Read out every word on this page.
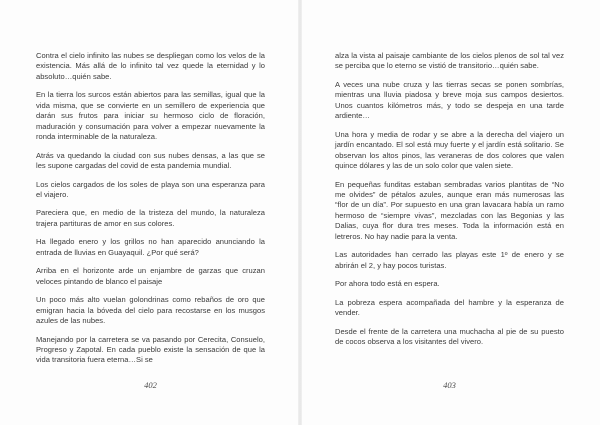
Contra el cielo infinito las nubes se despliegan como los velos de la existencia. Más allá de lo infinito tal vez quede la eternidad y lo absoluto…quién sabe.

En la tierra los surcos están abiertos para las semillas, igual que la vida misma, que se convierte en un semillero de experiencia que darán sus frutos para iniciar su hermoso ciclo de floración, maduración y consumación para volver a empezar nuevamente la ronda interminable de la naturaleza.

Atrás va quedando la ciudad con sus nubes densas, a las que se les supone cargadas del covid de esta pandemia mundial.

Los cielos cargados de los soles de playa son una esperanza para el viajero.

Pareciera que, en medio de la tristeza del mundo, la naturaleza trajera partituras de amor en sus colores.

Ha llegado enero y los grillos no han aparecido anunciando la entrada de lluvias en Guayaquil. ¿Por qué será?

Arriba en el horizonte arde un enjambre de garzas que cruzan veloces pintando de blanco el paisaje

Un poco más alto vuelan golondrinas como rebaños de oro que emigran hacia la bóveda del cielo para recostarse en los musgos azules de las nubes.

Manejando por la carretera se va pasando por Cerecita, Consuelo, Progreso y Zapotal. En cada pueblo existe la sensación de que la vida transitoria fuera eterna…Si se

402

alza la vista al paisaje cambiante de los cielos plenos de sol tal vez se perciba que lo eterno se vistió de transitorio…quién sabe.

A veces una nube cruza y las tierras secas se ponen sombrías, mientras una lluvia piadosa y breve moja sus campos desiertos. Unos cuantos kilómetros más, y todo se despeja en una tarde ardiente…

Una hora y media de rodar y se abre a la derecha del viajero un jardín encantado. El sol está muy fuerte y el jardín está solitario. Se observan los altos pinos, las veraneras de dos colores que valen quince dólares y las de un solo color que valen siete.

En pequeñas funditas estaban sembradas varios plantitas de “No me olvides” de pétalos azules, aunque eran más numerosas las “flor de un día”. Por supuesto en una gran lavacara había un ramo hermoso de “siempre vivas”, mezcladas con las Begonias y las Dalias, cuya flor dura tres meses. Toda la información está en letreros. No hay nadie para la venta.

Las autoridades han cerrado las playas este 1º de enero y se abrirán el 2, y hay pocos turistas.

Por ahora todo está en espera.

La pobreza espera acompañada del hambre y la esperanza de vender.

Desde el frente de la carretera una muchacha al pie de su puesto de cocos observa a los visitantes del vivero.

403
